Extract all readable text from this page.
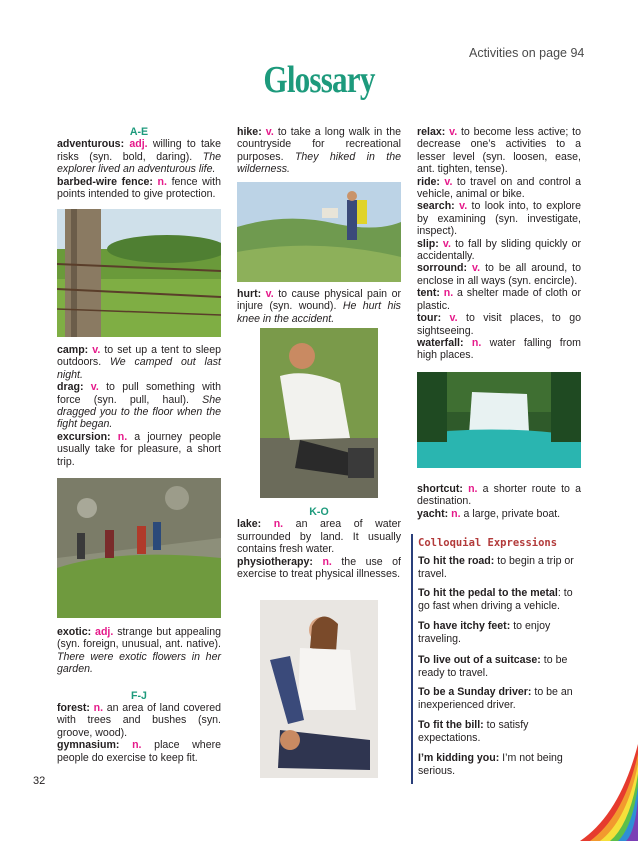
Activities on page 94
Glossary
A-E

adventurous: adj. willing to take risks (syn. bold, daring). The explorer lived an adventurous life.

barbed-wire fence: n. fence with points intended to give protection.

camp: v. to set up a tent to sleep outdoors. We camped out last night.

drag: v. to pull something with force (syn. pull, haul). She dragged you to the floor when the fight began.

excursion: n. a journey people usually take for pleasure, a short trip.

exotic: adj. strange but appealing (syn. foreign, unusual, ant. native). There were exotic flowers in her garden.

F-J

forest: n. an area of land covered with trees and bushes (syn. groove, wood).

gymnasium: n. place where people do exercise to keep fit.

hike: v. to take a long walk in the countryside for recreational purposes. They hiked in the wilderness.

hurt: v. to cause physical pain or injure (syn. wound). He hurt his knee in the accident.

K-O

lake: n. an area of water surrounded by land. It usually contains fresh water.

physiotherapy: n. the use of exercise to treat physical illnesses.

relax: v. to become less active; to decrease one’s activities to a lesser level (syn. loosen, ease, ant. tighten, tense).

ride: v. to travel on and control a vehicle, animal or bike.

search: v. to look into, to explore by examining (syn. investigate, inspect).

slip: v. to fall by sliding quickly or accidentally.

sorround: v. to be all around, to enclose in all ways (syn. encircle).

tent: n. a shelter made of cloth or plastic.

tour: v. to visit places, to go sightseeing.

waterfall: n. water falling from high places.

shortcut: n. a shorter route to a destination.

yacht: n. a large, private boat.

Colloquial Expressions
To hit the road: to begin a trip or travel.
To hit the pedal to the metal: to go fast when driving a vehicle.
To have itchy feet: to enjoy traveling.
To live out of a suitcase: to be ready to travel.
To be a Sunday driver: to be an inexperienced driver.
To fit the bill: to satisfy expectations.
I’m kidding you: I’m not being serious.
32
